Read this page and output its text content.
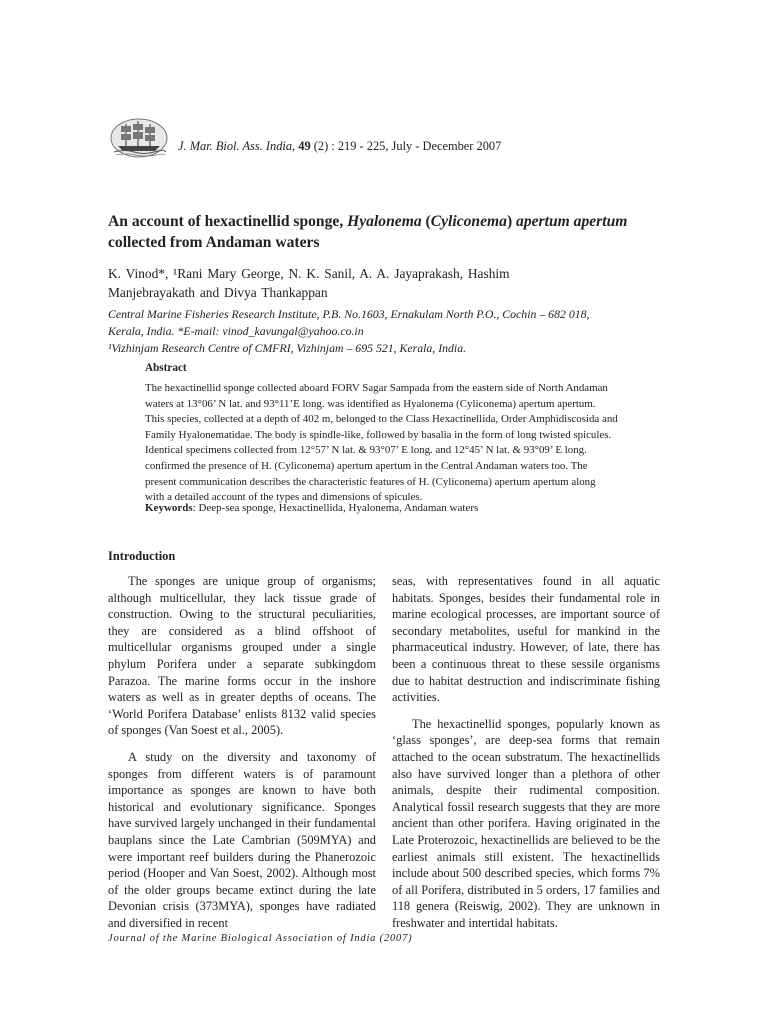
J. Mar. Biol. Ass. India, 49 (2) : 219 - 225, July - December 2007
An account of hexactinellid sponge, Hyalonema (Cyliconema) apertum apertum
collected from Andaman waters

K. Vinod*, ¹Rani Mary George, N. K. Sanil, A. A. Jayaprakash, Hashim
Manjebrayakath and Divya Thankappan

Central Marine Fisheries Research Institute, P.B. No.1603, Ernakulam North P.O., Cochin – 682 018,
Kerala, India. *E-mail: vinod_kavungal@yahoo.co.in

¹Vizhinjam Research Centre of CMFRI, Vizhinjam – 695 521, Kerala, India.

Abstract

The hexactinellid sponge collected aboard FORV Sagar Sampada from the eastern side of North Andaman
waters at 13°06’ N lat. and 93°11’E long. was identified as Hyalonema (Cyliconema) apertum apertum.
This species, collected at a depth of 402 m, belonged to the Class Hexactinellida, Order Amphidiscosida and
Family Hyalonematidae. The body is spindle-like, followed by basalia in the form of long twisted spicules.
Identical specimens collected from 12°57’ N lat. & 93°07’ E long. and 12°45’ N lat. & 93°09’ E long.
confirmed the presence of H. (Cyliconema) apertum apertum in the Central Andaman waters too. The
present communication describes the characteristic features of H. (Cyliconema) apertum apertum along
with a detailed account of the types and dimensions of spicules.

Keywords: Deep-sea sponge, Hexactinellida, Hyalonema, Andaman waters

Introduction

The sponges are unique group of organisms; although multicellular, they lack tissue grade of construction. Owing to the structural peculiarities, they are considered as a blind offshoot of multicellular organisms grouped under a single phylum Porifera under a separate subkingdom Parazoa. The marine forms occur in the inshore waters as well as in greater depths of oceans. The ‘World Porifera Database’ enlists 8132 valid species of sponges (Van Soest et al., 2005).

A study on the diversity and taxonomy of sponges from different waters is of paramount importance as sponges are known to have both historical and evolutionary significance. Sponges have survived largely unchanged in their fundamental bauplans since the Late Cambrian (509MYA) and were important reef builders during the Phanerozoic period (Hooper and Van Soest, 2002). Although most of the older groups became extinct during the late Devonian crisis (373MYA), sponges have radiated and diversified in recent

seas, with representatives found in all aquatic habitats. Sponges, besides their fundamental role in marine ecological processes, are important source of secondary metabolites, useful for mankind in the pharmaceutical industry. However, of late, there has been a continuous threat to these sessile organisms due to habitat destruction and indiscriminate fishing activities.

The hexactinellid sponges, popularly known as ‘glass sponges’, are deep-sea forms that remain attached to the ocean substratum. The hexactinellids also have survived longer than a plethora of other animals, despite their rudimental composition. Analytical fossil research suggests that they are more ancient than other porifera. Having originated in the Late Proterozoic, hexactinellids are believed to be the earliest animals still existent. The hexactinellids include about 500 described species, which forms 7% of all Porifera, distributed in 5 orders, 17 families and 118 genera (Reiswig, 2002). They are unknown in freshwater and intertidal habitats.

Journal of the Marine Biological Association of India (2007)
